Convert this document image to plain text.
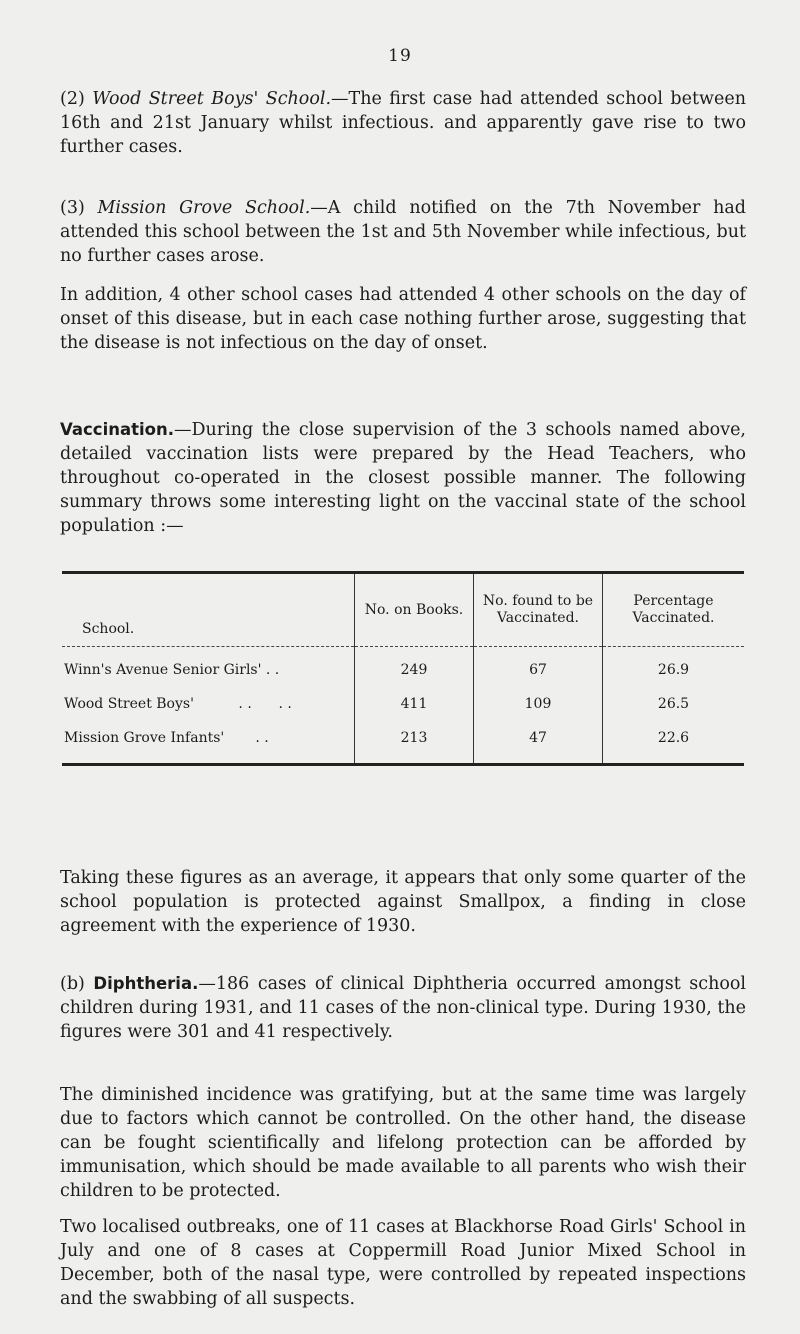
19

(2) Wood Street Boys' School.—The first case had attended school between 16th and 21st January whilst infectious. and apparently gave rise to two further cases.

(3) Mission Grove School.—A child notified on the 7th November had attended this school between the 1st and 5th November while infectious, but no further cases arose.

In addition, 4 other school cases had attended 4 other schools on the day of onset of this disease, but in each case nothing further arose, suggesting that the disease is not infectious on the day of onset.

Vaccination.—During the close supervision of the 3 schools named above, detailed vaccination lists were prepared by the Head Teachers, who throughout co-operated in the closest possible manner. The following summary throws some interesting light on the vaccinal state of the school population :—

School.	No. on Books.	No. found to be Vaccinated.	Percentage Vaccinated.
Winn's Avenue Senior Girls' . .	249	67	26.9
Wood Street Boys'          . .      . .	411	109	26.5
Mission Grove Infants'       . .	213	47	22.6

Taking these figures as an average, it appears that only some quarter of the school population is protected against Smallpox, a finding in close agreement with the experience of 1930.

(b) Diphtheria.—186 cases of clinical Diphtheria occurred amongst school children during 1931, and 11 cases of the non-clinical type. During 1930, the figures were 301 and 41 respectively.

The diminished incidence was gratifying, but at the same time was largely due to factors which cannot be controlled. On the other hand, the disease can be fought scientifically and lifelong protection can be afforded by immunisation, which should be made available to all parents who wish their children to be protected.

Two localised outbreaks, one of 11 cases at Blackhorse Road Girls' School in July and one of 8 cases at Coppermill Road Junior Mixed School in December, both of the nasal type, were controlled by repeated inspections and the swabbing of all suspects.
